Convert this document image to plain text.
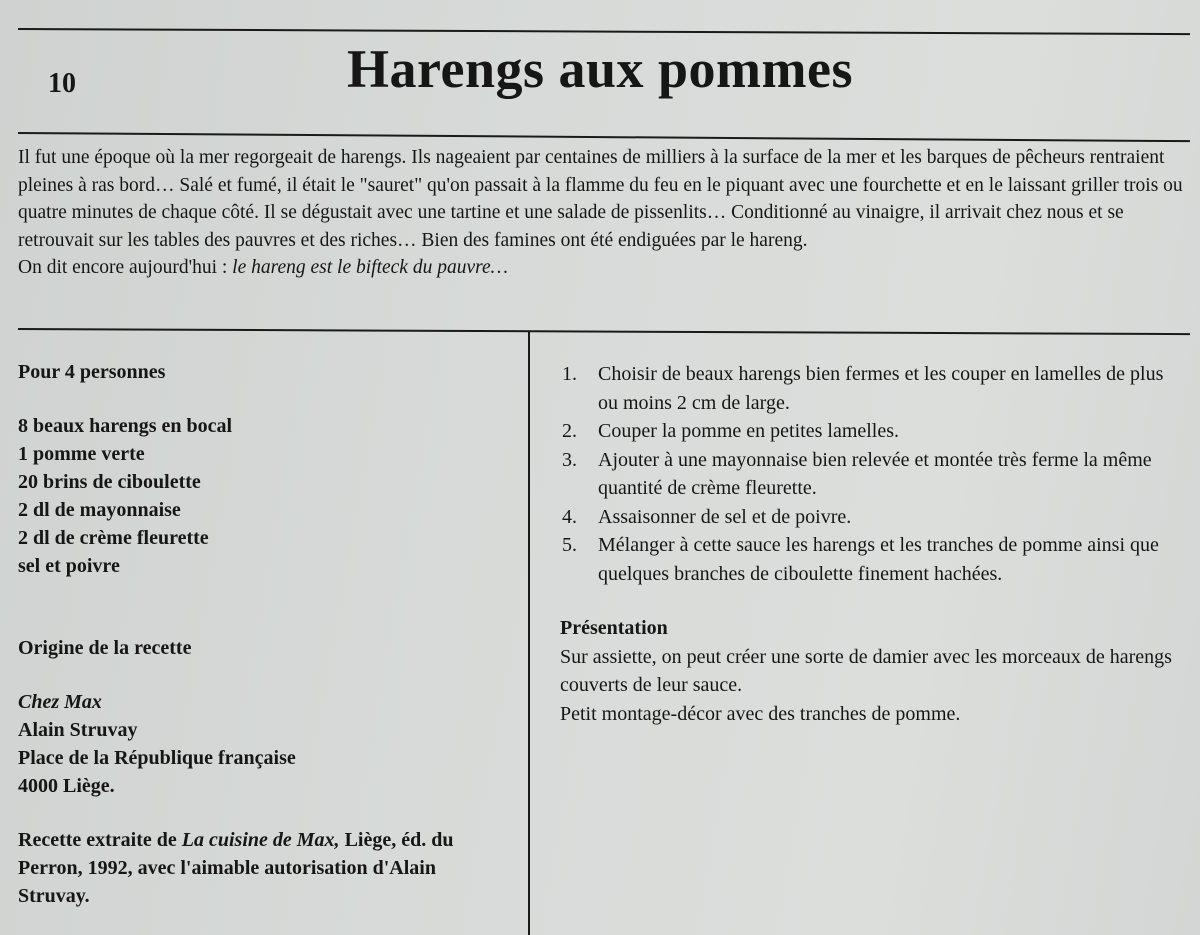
10	Harengs aux pommes

Il fut une époque où la mer regorgeait de harengs. Ils nageaient par centaines de milliers à la surface de la mer et les barques de pêcheurs rentraient pleines à ras bord… Salé et fumé, il était le "sauret" qu'on passait à la flamme du feu en le piquant avec une fourchette et en le laissant griller trois ou quatre minutes de chaque côté. Il se dégustait avec une tartine et une salade de pissenlits… Conditionné au vinaigre, il arrivait chez nous et se retrouvait sur les tables des pauvres et des riches… Bien des famines ont été endiguées par le hareng.

On dit encore aujourd'hui : le hareng est le bifteck du pauvre…

Pour 4 personnes

8 beaux harengs en bocal
1 pomme verte
20 brins de ciboulette
2 dl de mayonnaise
2 dl de crème fleurette
sel et poivre

Origine de la recette

Chez Max
Alain Struvay
Place de la République française
4000 Liège.

Recette extraite de La cuisine de Max, Liège, éd. du Perron, 1992, avec l'aimable autorisation d'Alain Struvay.

1. Choisir de beaux harengs bien fermes et les couper en lamelles de plus ou moins 2 cm de large.
2. Couper la pomme en petites lamelles.
3. Ajouter à une mayonnaise bien relevée et montée très ferme la même quantité de crème fleurette.
4. Assaisonner de sel et de poivre.
5. Mélanger à cette sauce les harengs et les tranches de pomme ainsi que quelques branches de ciboulette finement hachées.
Présentation

Sur assiette, on peut créer une sorte de damier avec les morceaux de harengs couverts de leur sauce.

Petit montage-décor avec des tranches de pomme.
